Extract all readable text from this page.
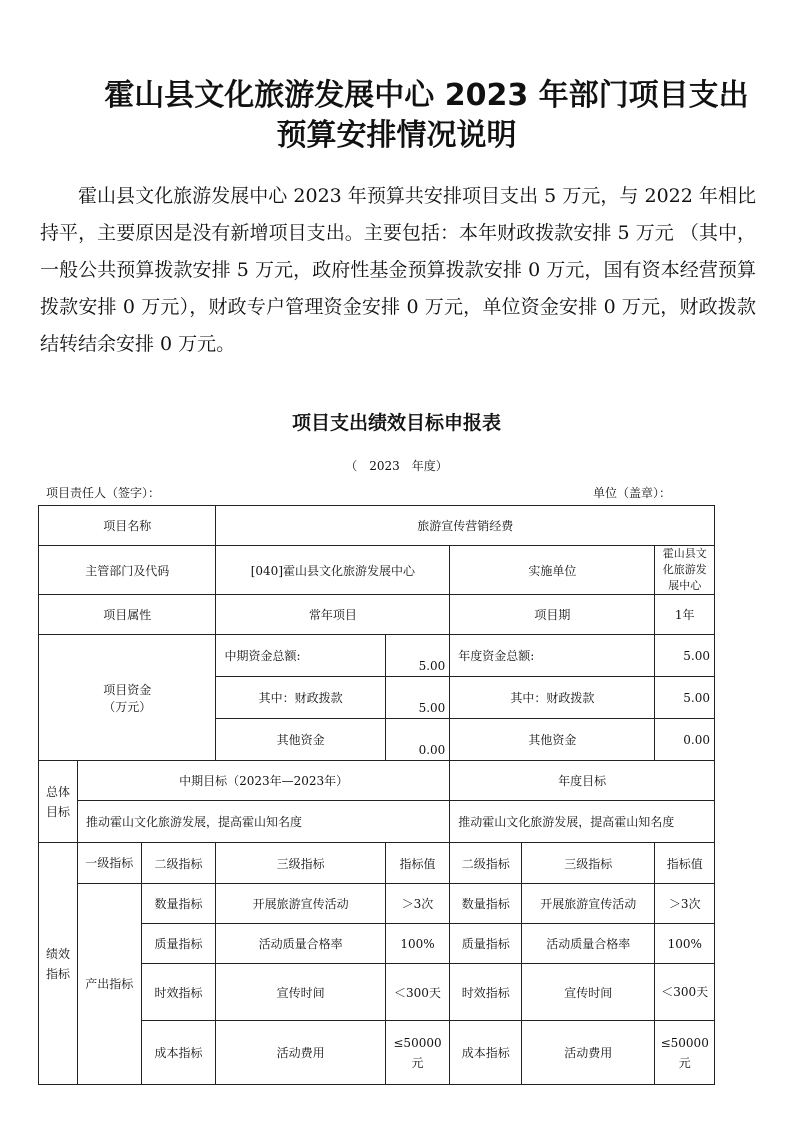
霍山县文化旅游发展中心 2023 年部门项目支出
预算安排情况说明
霍山县文化旅游发展中心 2023 年预算共安排项目支出 5 万元，与 2022 年相比持平，主要原因是没有新增项目支出。主要包括：本年财政拨款安排 5 万元 （其中，一般公共预算拨款安排 5 万元，政府性基金预算拨款安排 0 万元，国有资本经营预算拨款安排 0 万元），财政专户管理资金安排 0 万元，单位资金安排 0 万元，财政拨款结转结余安排 0 万元。
项目支出绩效目标申报表
（　2023　年度）
项目责任人（签字）：	单位（盖章）：
项目名称			旅游宣传营销经费				
主管部门及代码			[040]霍山县文化旅游发展中心		实施单位		霍山县文化旅游发展中心
项目属性			常年项目		项目期		1年

项目资金
（万元）			中期资金总额:	5.00	年度资金总额:		5.00
			其中：财政拨款	5.00	其中：财政拨款		5.00
			其他资金	0.00	其他资金		0.00
总体目标	中期目标（2023年—2023年）				年度目标		
	推动霍山文化旅游发展，提高霍山知名度				推动霍山文化旅游发展，提高霍山知名度		
绩效指标	一级指标	二级指标	三级指标	指标值	二级指标	三级指标	指标值
	产出指标	数量指标	开展旅游宣传活动	＞3次	数量指标	开展旅游宣传活动	＞3次
		质量指标	活动质量合格率	100%	质量指标	活动质量合格率	100%
		时效指标	宣传时间	＜300天	时效指标	宣传时间	＜300天
		成本指标	活动费用	≤50000元	成本指标	活动费用	≤50000元
